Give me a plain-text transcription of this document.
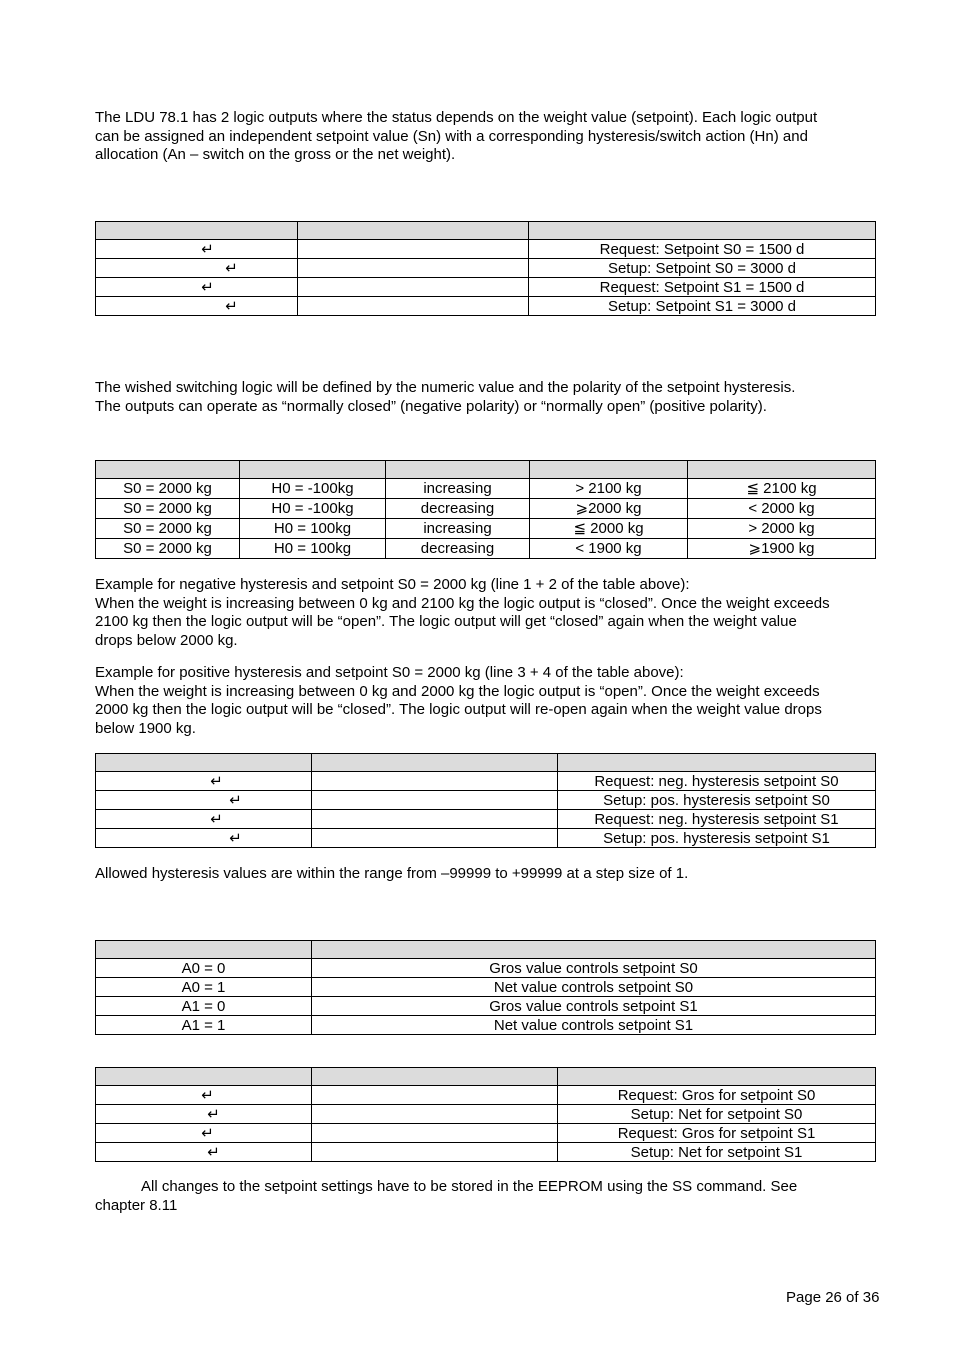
The LDU 78.1 has 2 logic outputs where the status depends on the weight value (setpoint). Each logic output
can be assigned an independent setpoint value (Sn) with a corresponding hysteresis/switch action (Hn) and
allocation (An – switch on the gross or the net weight).

↵		Request: Setpoint S0 = 1500 d
↵		Setup: Setpoint S0 = 3000 d
↵		Request: Setpoint S1 = 1500 d
↵		Setup: Setpoint S1 = 3000 d
The wished switching logic will be defined by the numeric value and the polarity of the setpoint hysteresis.
The outputs can operate as “normally closed” (negative polarity) or “normally open” (positive polarity).

S0 = 2000 kg	H0 = -100kg	increasing	> 2100 kg	≦ 2100 kg
S0 = 2000 kg	H0 = -100kg	decreasing	⩾2000 kg	< 2000 kg
S0 = 2000 kg	H0 = 100kg	increasing	≦ 2000 kg	> 2000 kg
S0 = 2000 kg	H0 = 100kg	decreasing	< 1900 kg	⩾1900 kg
Example for negative hysteresis and setpoint S0 = 2000 kg (line 1 + 2 of the table above):
When the weight is increasing between 0 kg and 2100 kg the logic output is “closed”. Once the weight exceeds
2100 kg then the logic output will be “open”. The logic output will get “closed” again when the weight value
drops below 2000 kg.
Example for positive hysteresis and setpoint S0 = 2000 kg (line 3 + 4 of the table above):
When the weight is increasing between 0 kg and 2000 kg the logic output is “open”. Once the weight exceeds
2000 kg then the logic output will be “closed”. The logic output will re-open again when the weight value drops
below 1900 kg.

↵		Request: neg. hysteresis setpoint S0
↵		Setup: pos. hysteresis setpoint S0
↵		Request: neg. hysteresis setpoint S1
↵		Setup: pos. hysteresis setpoint S1
Allowed hysteresis values are within the range from –99999 to +99999 at a step size of 1.

A0 = 0	Gros value controls setpoint S0
A0 = 1	Net value controls setpoint S0
A1 = 0	Gros value controls setpoint S1
A1 = 1	Net value controls setpoint S1

↵		Request: Gros for setpoint S0
↵		Setup: Net for setpoint S0
↵		Request: Gros for setpoint S1
↵		Setup: Net for setpoint S1
All changes to the setpoint settings have to be stored in the EEPROM using the SS command. See
chapter 8.11
Page 26 of 36
